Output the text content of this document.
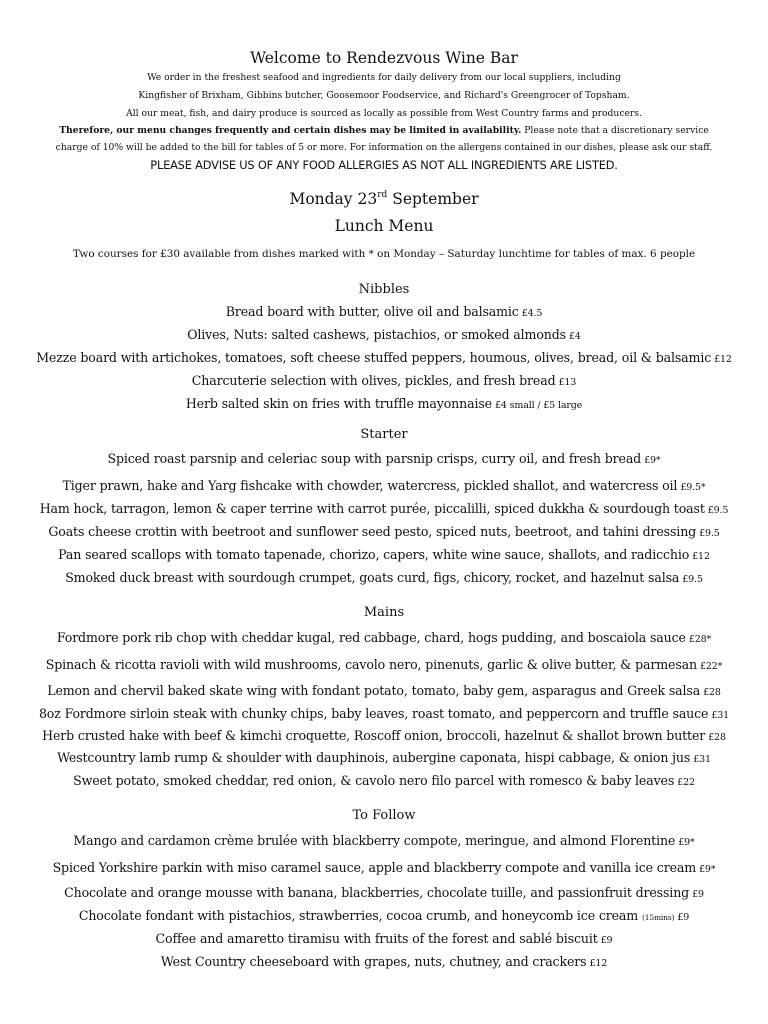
Welcome to Rendezvous Wine Bar
We order in the freshest seafood and ingredients for daily delivery from our local suppliers, including
Kingfisher of Brixham, Gibbins butcher, Goosemoor Foodservice, and Richard's Greengrocer of Topsham.
All our meat, fish, and dairy produce is sourced as locally as possible from West Country farms and producers.
Therefore, our menu changes frequently and certain dishes may be limited in availability. Please note that a discretionary service
charge of 10% will be added to the bill for tables of 5 or more. For information on the allergens contained in our dishes, please ask our staff.
PLEASE ADVISE US OF ANY FOOD ALLERGIES AS NOT ALL INGREDIENTS ARE LISTED.
Monday 23rd September
Lunch Menu
Two courses for £30 available from dishes marked with * on Monday – Saturday lunchtime for tables of max. 6 people
Nibbles
Bread board with butter, olive oil and balsamic £4.5
Olives, Nuts: salted cashews, pistachios, or smoked almonds £4
Mezze board with artichokes, tomatoes, soft cheese stuffed peppers, houmous, olives, bread, oil & balsamic £12
Charcuterie selection with olives, pickles, and fresh bread £13
Herb salted skin on fries with truffle mayonnaise £4 small / £5 large
Starter
Spiced roast parsnip and celeriac soup with parsnip crisps, curry oil, and fresh bread £9*
Tiger prawn, hake and Yarg fishcake with chowder, watercress, pickled shallot, and watercress oil £9.5*
Ham hock, tarragon, lemon & caper terrine with carrot purée, piccalilli, spiced dukkha & sourdough toast £9.5
Goats cheese crottin with beetroot and sunflower seed pesto, spiced nuts, beetroot, and tahini dressing £9.5
Pan seared scallops with tomato tapenade, chorizo, capers, white wine sauce, shallots, and radicchio £12
Smoked duck breast with sourdough crumpet, goats curd, figs, chicory, rocket, and hazelnut salsa £9.5
Mains
Fordmore pork rib chop with cheddar kugal, red cabbage, chard, hogs pudding, and boscaiola sauce £28*
Spinach & ricotta ravioli with wild mushrooms, cavolo nero, pinenuts, garlic & olive butter, & parmesan £22*
Lemon and chervil baked skate wing with fondant potato, tomato, baby gem, asparagus and Greek salsa £28
8oz Fordmore sirloin steak with chunky chips, baby leaves, roast tomato, and peppercorn and truffle sauce £31
Herb crusted hake with beef & kimchi croquette, Roscoff onion, broccoli, hazelnut & shallot brown butter £28
Westcountry lamb rump & shoulder with dauphinois, aubergine caponata, hispi cabbage, & onion jus £31
Sweet potato, smoked cheddar, red onion, & cavolo nero filo parcel with romesco & baby leaves £22
To Follow
Mango and cardamon crème brulée with blackberry compote, meringue, and almond Florentine £9*
Spiced Yorkshire parkin with miso caramel sauce, apple and blackberry compote and vanilla ice cream £9*
Chocolate and orange mousse with banana, blackberries, chocolate tuille, and passionfruit dressing £9
Chocolate fondant with pistachios, strawberries, cocoa crumb, and honeycomb ice cream (15mins) £9
Coffee and amaretto tiramisu with fruits of the forest and sablé biscuit £9
West Country cheeseboard with grapes, nuts, chutney, and crackers £12
